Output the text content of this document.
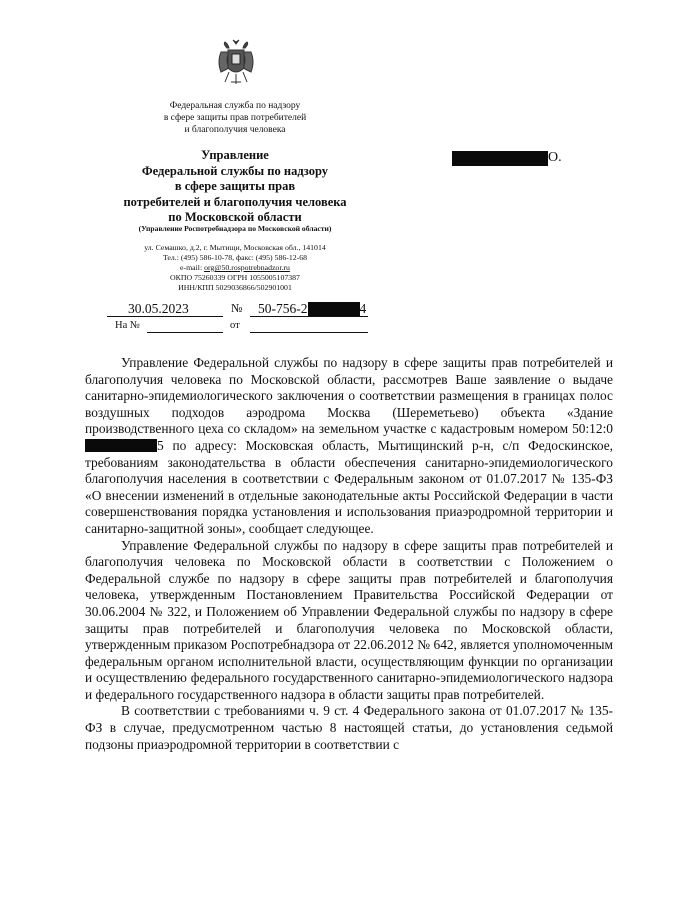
Федеральная служба по надзору
в сфере защиты прав потребителей
и благополучия человека
Управление
Федеральной службы по надзору
в сфере защиты прав
потребителей и благополучия человека
по Московской области
(Управление Роспотребнадзора по Московской области)
ул. Семашко, д.2, г. Мытищи, Московская обл., 141014
Тел.: (495) 586-10-78, факс: (495) 586-12-68
e-mail: org@50.rospotrebnadzor.ru
ОКПО 75260339 ОГРН 1055005107387
ИНН/КПП 5029036866/502901001
О.
30.05.2023	№ 50-756-2	4
На №	от

Управление Федеральной службы по надзору в сфере защиты прав потребителей и благополучия человека по Московской области, рассмотрев Ваше заявление о выдаче санитарно-эпидемиологического заключения о соответствии размещения в границах полос воздушных подходов аэродрома Москва (Шереметьево) объекта «Здание производственного цеха со складом» на земельном участке с кадастровым номером 50:12:05 по адресу: Московская область, Мытищинский р-н, с/п Федоскинское, требованиям законодательства в области обеспечения санитарно-эпидемиологического благополучия населения в соответствии с Федеральным законом от 01.07.2017 № 135-ФЗ «О внесении изменений в отдельные законодательные акты Российской Федерации в части совершенствования порядка установления и использования приаэродромной территории и санитарно-защитной зоны», сообщает следующее.

Управление Федеральной службы по надзору в сфере защиты прав потребителей и благополучия человека по Московской области в соответствии с Положением о Федеральной службе по надзору в сфере защиты прав потребителей и благополучия человека, утвержденным Постановлением Правительства Российской Федерации от 30.06.2004 № 322, и Положением об Управлении Федеральной службы по надзору в сфере защиты прав потребителей и благополучия человека по Московской области, утвержденным приказом Роспотребнадзора от 22.06.2012 № 642, является уполномоченным федеральным органом исполнительной власти, осуществляющим функции по организации и осуществлению федерального государственного санитарно-эпидемиологического надзора и федерального государственного надзора в области защиты прав потребителей.

В соответствии с требованиями ч. 9 ст. 4 Федерального закона от 01.07.2017 № 135-ФЗ в случае, предусмотренном частью 8 настоящей статьи, до установления седьмой подзоны приаэродромной территории в соответствии с
